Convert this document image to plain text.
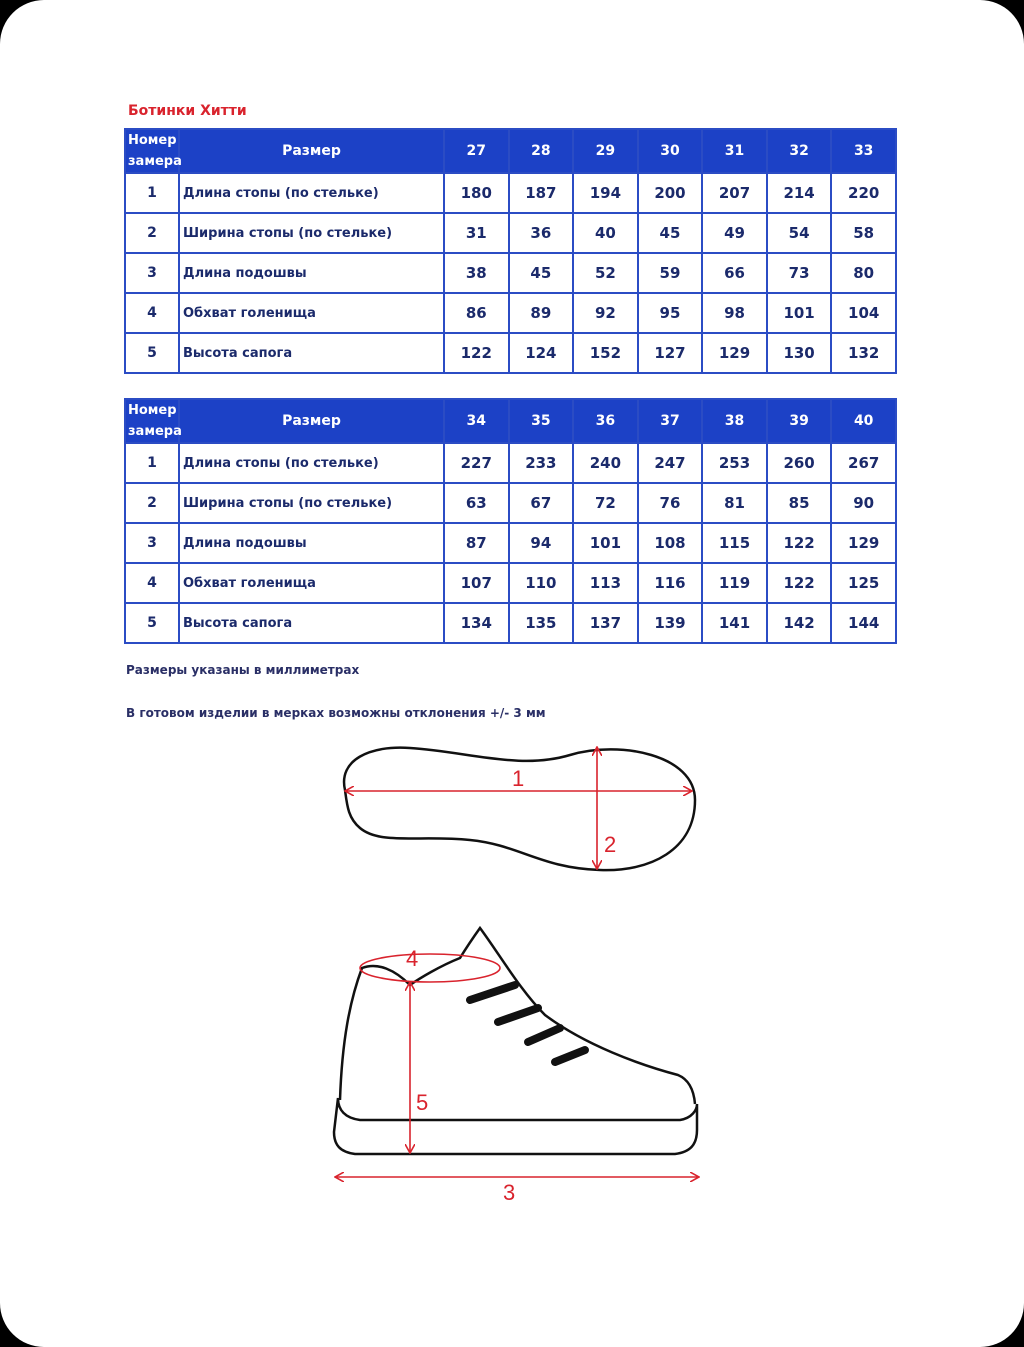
Ботинки Хитти
Номер
замера	Размер	27	28	29	30	31	32	33
1	Длина стопы (по стельке)	180	187	194	200	207	214	220
2	Ширина стопы (по стельке)	31	36	40	45	49	54	58
3	Длина подошвы	38	45	52	59	66	73	80
4	Обхват голенища	86	89	92	95	98	101	104
5	Высота сапога	122	124	152	127	129	130	132
Номер
замера	Размер	34	35	36	37	38	39	40
1	Длина стопы (по стельке)	227	233	240	247	253	260	267
2	Ширина стопы (по стельке)	63	67	72	76	81	85	90
3	Длина подошвы	87	94	101	108	115	122	129
4	Обхват голенища	107	110	113	116	119	122	125
5	Высота сапога	134	135	137	139	141	142	144
Размеры указаны в миллиметрах
В готовом изделии в мерках возможны отклонения +/- 3 мм
1
2
4
5
3
